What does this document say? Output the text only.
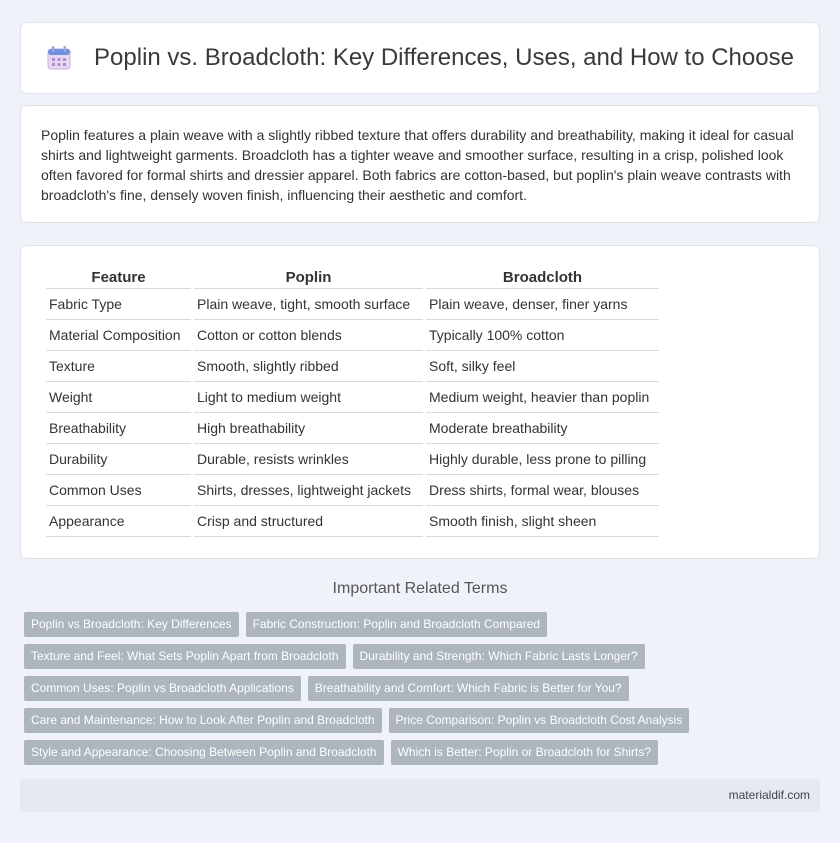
Poplin vs. Broadcloth: Key Differences, Uses, and How to Choose

Poplin features a plain weave with a slightly ribbed texture that offers durability and breathability, making it ideal for casual shirts and lightweight garments. Broadcloth has a tighter weave and smoother surface, resulting in a crisp, polished look often favored for formal shirts and dressier apparel. Both fabrics are cotton-based, but poplin's plain weave contrasts with broadcloth's fine, densely woven finish, influencing their aesthetic and comfort.

Feature	Poplin	Broadcloth
Fabric Type	Plain weave, tight, smooth surface	Plain weave, denser, finer yarns
Material Composition	Cotton or cotton blends	Typically 100% cotton
Texture	Smooth, slightly ribbed	Soft, silky feel
Weight	Light to medium weight	Medium weight, heavier than poplin
Breathability	High breathability	Moderate breathability
Durability	Durable, resists wrinkles	Highly durable, less prone to pilling
Common Uses	Shirts, dresses, lightweight jackets	Dress shirts, formal wear, blouses
Appearance	Crisp and structured	Smooth finish, slight sheen
Important Related Terms
Poplin vs Broadcloth: Key Differences	Fabric Construction: Poplin and Broadcloth Compared
Texture and Feel: What Sets Poplin Apart from Broadcloth	Durability and Strength: Which Fabric Lasts Longer?
Common Uses: Poplin vs Broadcloth Applications	Breathability and Comfort: Which Fabric is Better for You?
Care and Maintenance: How to Look After Poplin and Broadcloth	Price Comparison: Poplin vs Broadcloth Cost Analysis
Style and Appearance: Choosing Between Poplin and Broadcloth	Which is Better: Poplin or Broadcloth for Shirts?
materialdif.com
